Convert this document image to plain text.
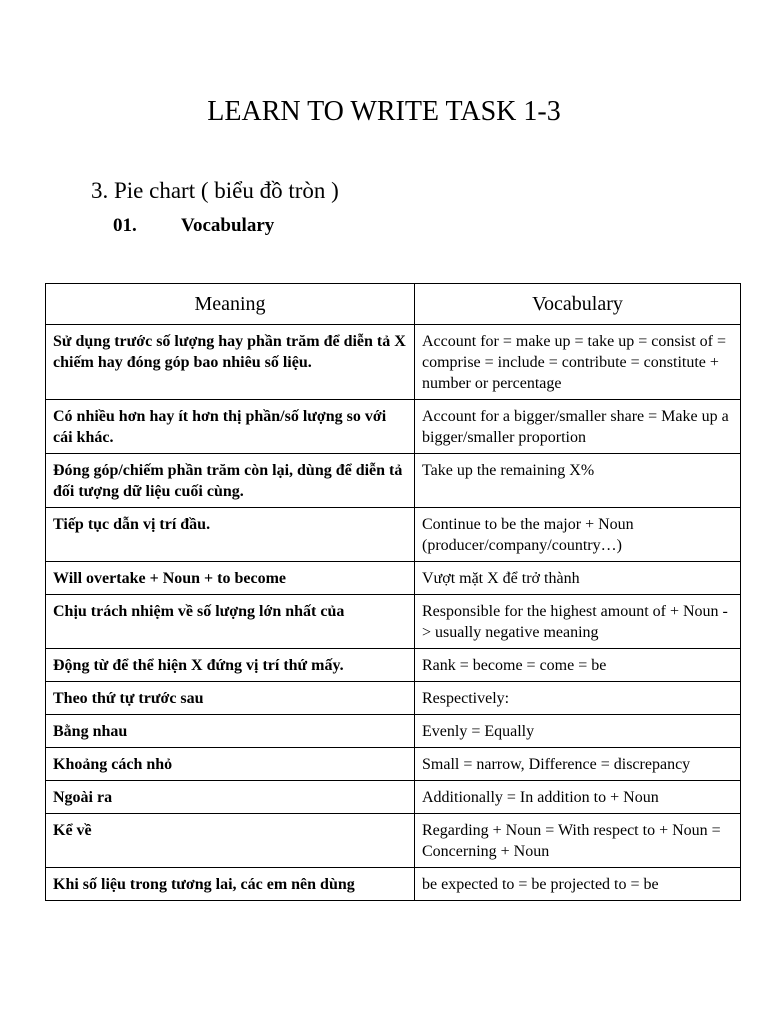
LEARN TO WRITE TASK 1-3
3. Pie chart ( biểu đồ tròn )
01. Vocabulary
Meaning	Vocabulary
Sử dụng trước số lượng hay phần trăm để diễn tả X chiếm hay đóng góp bao nhiêu số liệu.	Account for = make up = take up = consist of = comprise = include = contribute = constitute + number or percentage
Có nhiều hơn hay ít hơn thị phần/số lượng so với cái khác.	Account for a bigger/smaller share = Make up a bigger/smaller proportion
Đóng góp/chiếm phần trăm còn lại, dùng để diễn tả đối tượng dữ liệu cuối cùng.	Take up the remaining X%
Tiếp tục dẫn vị trí đầu.	Continue to be the major + Noun (producer/company/country…)
Will overtake + Noun + to become	Vượt mặt X để trở thành
Chịu trách nhiệm về số lượng lớn nhất của	Responsible for the highest amount of + Noun -> usually negative meaning
Động từ để thể hiện X đứng vị trí thứ mấy.	Rank = become = come = be
Theo thứ tự trước sau	Respectively:
Bằng nhau	Evenly = Equally
Khoảng cách nhỏ	Small = narrow, Difference = discrepancy
Ngoài ra	Additionally = In addition to + Noun
Kể về	Regarding + Noun = With respect to + Noun = Concerning + Noun
Khi số liệu trong tương lai, các em nên dùng	be expected to = be projected to = be
